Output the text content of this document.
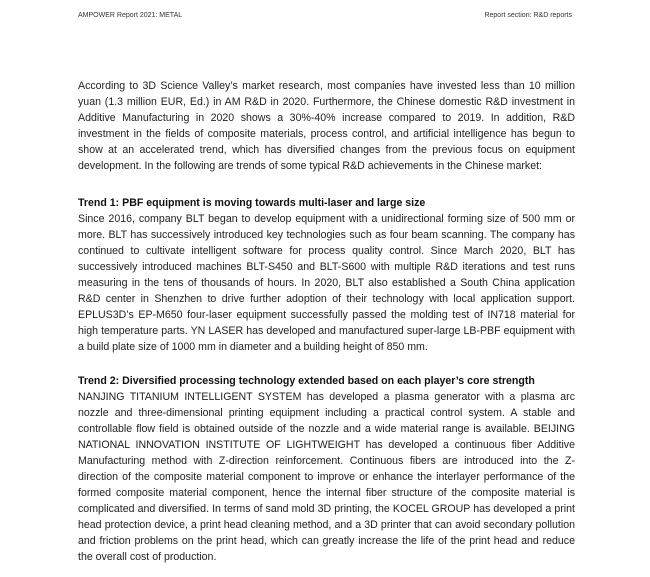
AMPOWER Report 2021: METAL	Report section: R&D reports

According to 3D Science Valley’s market research, most companies have invested less than 10 million yuan (1.3 million EUR, Ed.) in AM R&D in 2020. Furthermore, the Chinese domestic R&D investment in Additive Manufacturing in 2020 shows a 30%-40% increase compared to 2019. In addition, R&D investment in the fields of composite materials, process control, and artificial intelligence has begun to show at an accelerated trend, which has diversified changes from the previous focus on equipment development. In the following are trends of some typical R&D achievements in the Chinese market:

Trend 1: PBF equipment is moving towards multi-laser and large size

Since 2016, company BLT began to develop equipment with a unidirectional forming size of 500 mm or more. BLT has successively introduced key technologies such as four beam scanning. The company has continued to cultivate intelligent software for process quality control. Since March 2020, BLT has successively introduced machines BLT-S450 and BLT-S600 with multiple R&D iterations and test runs measuring in the tens of thousands of hours. In 2020, BLT also established a South China application R&D center in Shenzhen to drive further adoption of their technology with local application support. EPLUS3D’s EP-M650 four-laser equipment successfully passed the molding test of IN718 material for high temperature parts. YN LASER has developed and manufactured super-large LB-PBF equipment with a build plate size of 1000 mm in diameter and a building height of 850 mm.

Trend 2: Diversified processing technology extended based on each player’s core strength

NANJING TITANIUM INTELLIGENT SYSTEM has developed a plasma generator with a plasma arc nozzle and three-dimensional printing equipment including a practical control system. A stable and controllable flow field is obtained outside of the nozzle and a wide material range is available. BEIJING NATIONAL INNOVATION INSTITUTE OF LIGHTWEIGHT has developed a continuous fiber Additive Manufacturing method with Z-direction reinforcement. Continuous fibers are introduced into the Z-direction of the composite material component to improve or enhance the interlayer performance of the formed composite material component, hence the internal fiber structure of the composite material is complicated and diversified. In terms of sand mold 3D printing, the KOCEL GROUP has developed a print head protection device, a print head cleaning method, and a 3D printer that can avoid secondary pollution and friction problems on the print head, which can greatly increase the life of the print head and reduce the overall cost of production.
